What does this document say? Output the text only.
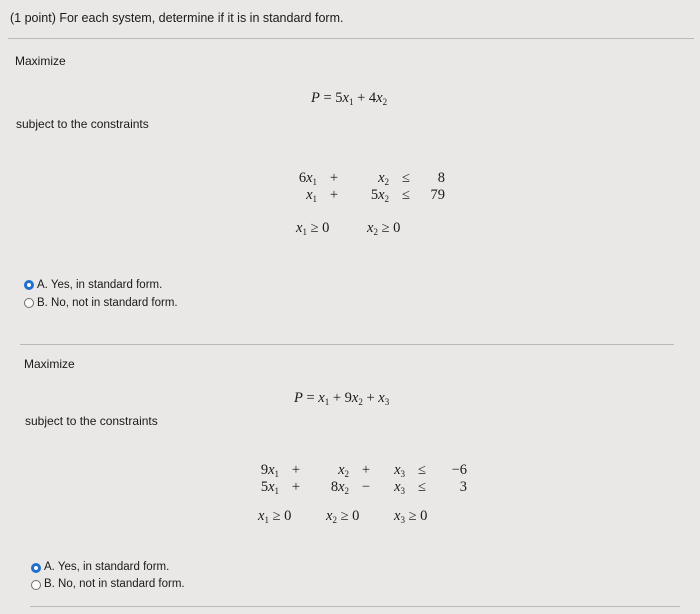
(1 point) For each system, determine if it is in standard form.
Maximize
$P = 5x_1 + 4x_2$
subject to the constraints
$6x_1$	+	$x_2$	≤	8
$x_1$	+	$5x_2$	≤	79
$x_1 \ge 0$	$x_2 \ge 0$
A. Yes, in standard form.
B. No, not in standard form.
Maximize
$P = x_1 + 9x_2 + x_3$
subject to the constraints
$9x_1$	+	$x_2$	+	$x_3$	≤	−6
$5x_1$	+	$8x_2$	−	$x_3$	≤	3
$x_1 \ge 0$ $x_2 \ge 0$ $x_3 \ge 0$
A. Yes, in standard form.
B. No, not in standard form.
